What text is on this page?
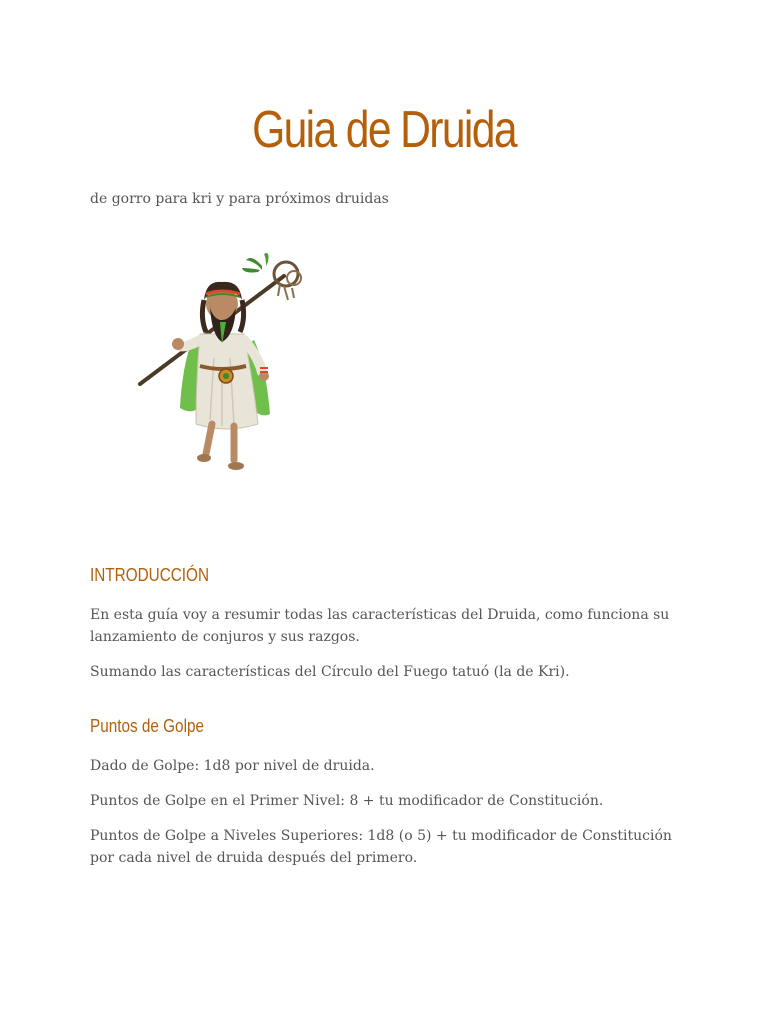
Guia de Druida

de gorro para kri y para próximos druidas

INTRODUCCIÓN

En esta guía voy a resumir todas las características del Druida, como funciona su lanzamiento de conjuros y sus razgos.

Sumando las características del Círculo del Fuego tatuó (la de Kri).

Puntos de Golpe

Dado de Golpe: 1d8 por nivel de druida.

Puntos de Golpe en el Primer Nivel: 8 + tu modificador de Constitución.

Puntos de Golpe a Niveles Superiores: 1d8 (o 5) + tu modificador de Constitución por cada nivel de druida después del primero.
